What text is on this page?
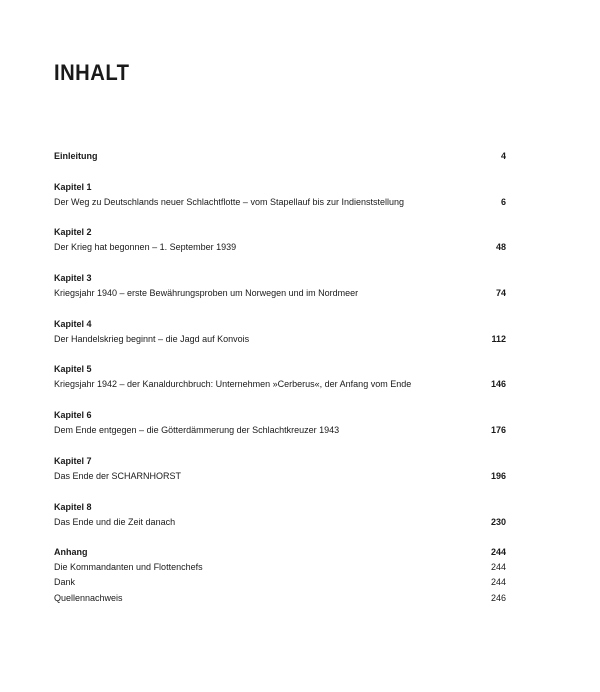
INHALT
Einleitung	4
Kapitel 1
Der Weg zu Deutschlands neuer Schlachtflotte – vom Stapellauf bis zur Indienststellung	6
Kapitel 2
Der Krieg hat begonnen – 1. September 1939	48
Kapitel 3
Kriegsjahr 1940 – erste Bewährungsproben um Norwegen und im Nordmeer	74
Kapitel 4
Der Handelskrieg beginnt – die Jagd auf Konvois	112
Kapitel 5
Kriegsjahr 1942 – der Kanaldurchbruch: Unternehmen »Cerberus«, der Anfang vom Ende	146
Kapitel 6
Dem Ende entgegen – die Götterdämmerung der Schlachtkreuzer 1943	176
Kapitel 7
Das Ende der SCHARNHORST	196
Kapitel 8
Das Ende und die Zeit danach	230
Anhang	244
Die Kommandanten und Flottenchefs	244
Dank	244
Quellennachweis	246
